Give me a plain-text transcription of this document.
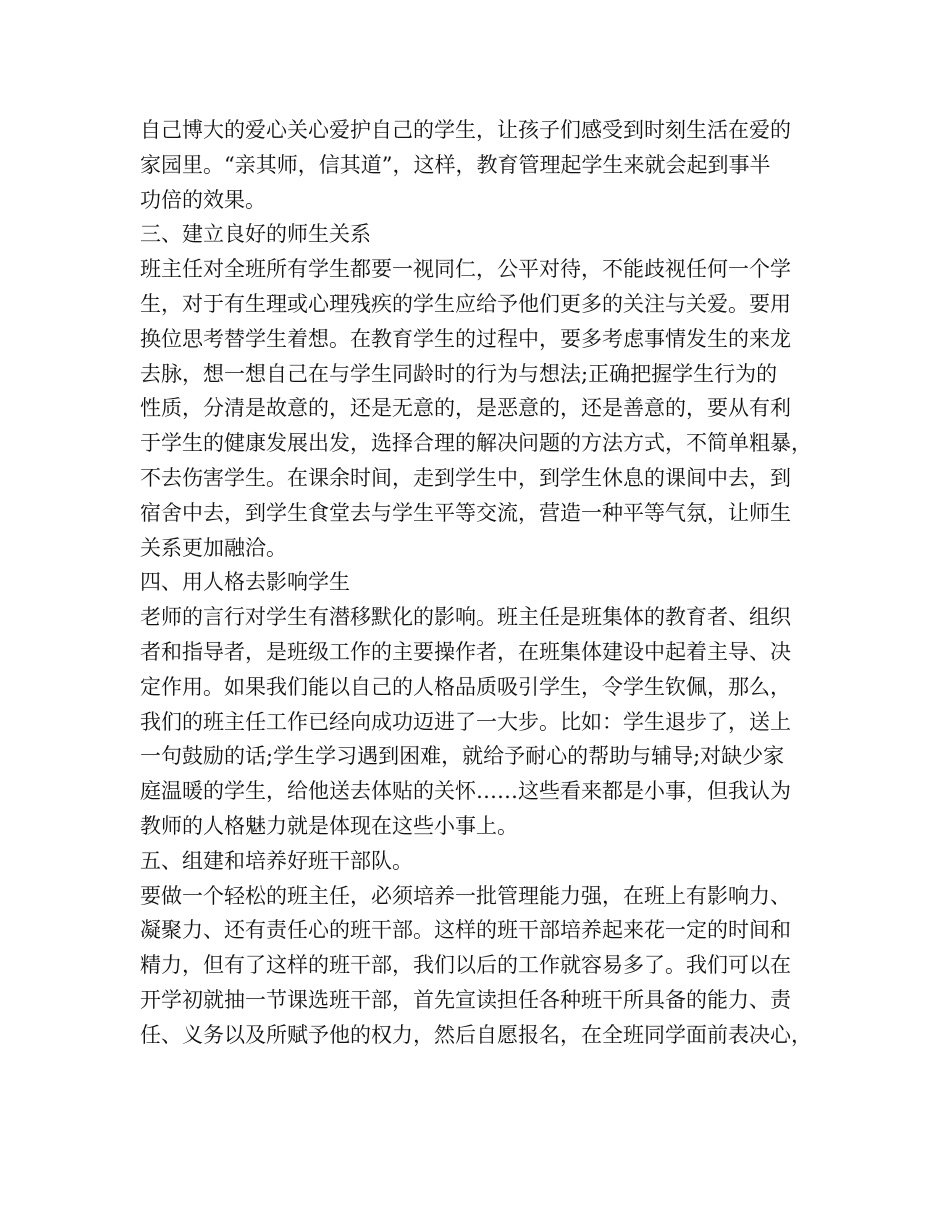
自己博大的爱心关心爱护自己的学生，让孩子们感受到时刻生活在爱的
家园里。“亲其师，信其道”，这样，教育管理起学生来就会起到事半
功倍的效果。
三、建立良好的师生关系
班主任对全班所有学生都要一视同仁，公平对待，不能歧视任何一个学
生，对于有生理或心理残疾的学生应给予他们更多的关注与关爱。要用
换位思考替学生着想。在教育学生的过程中，要多考虑事情发生的来龙
去脉，想一想自己在与学生同龄时的行为与想法;正确把握学生行为的
性质，分清是故意的，还是无意的，是恶意的，还是善意的，要从有利
于学生的健康发展出发，选择合理的解决问题的方法方式，不简单粗暴，
不去伤害学生。在课余时间，走到学生中，到学生休息的课间中去，到
宿舍中去，到学生食堂去与学生平等交流，营造一种平等气氛，让师生
关系更加融洽。
四、用人格去影响学生
老师的言行对学生有潜移默化的影响。班主任是班集体的教育者、组织
者和指导者，是班级工作的主要操作者，在班集体建设中起着主导、决
定作用。如果我们能以自己的人格品质吸引学生，令学生钦佩，那么，
我们的班主任工作已经向成功迈进了一大步。比如：学生退步了，送上
一句鼓励的话;学生学习遇到困难，就给予耐心的帮助与辅导;对缺少家
庭温暖的学生，给他送去体贴的关怀……这些看来都是小事，但我认为
教师的人格魅力就是体现在这些小事上。
五、组建和培养好班干部队。
要做一个轻松的班主任，必须培养一批管理能力强，在班上有影响力、
凝聚力、还有责任心的班干部。这样的班干部培养起来花一定的时间和
精力，但有了这样的班干部，我们以后的工作就容易多了。我们可以在
开学初就抽一节课选班干部，首先宣读担任各种班干所具备的能力、责
任、义务以及所赋予他的权力，然后自愿报名，在全班同学面前表决心，
